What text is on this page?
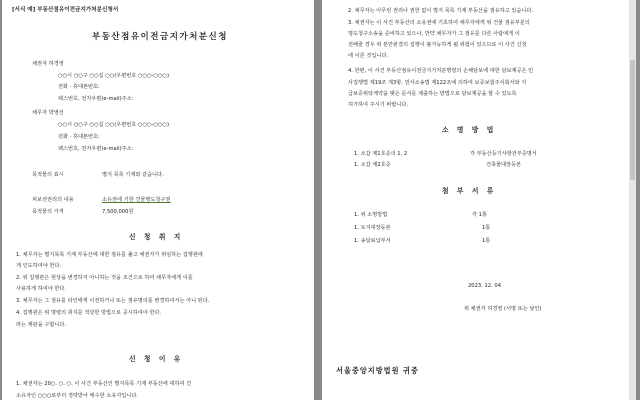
[서식 예] 부동산점유이전금지가처분신청서
부동산점유이전금지가처분신청
채권자 허경영
○○시 ○○구 ○○길 ○○(우편번호 ○○○-○○○)
전화 · 휴대폰번호:
팩스번호, 전자우편(e-mail)주소:
채무자 박영선
○○시 ○○구 ○○길 ○○(우편번호 ○○○-○○○)
전화 · 휴대폰번호:
팩스번호, 전자우편(e-mail)주소:
목적물의 표시	별지 목록 기재와 같습니다.
피보전권리의 내용	소유권에 기한 건물명도청구권
목적물의 가격	7,500,000원
신 청 취 지
1. 채무자는 별지목록 기재 부동산에 대한 점유를 풀고 채권자가 위임하는 집행관에
게 인도하여야 한다.
2. 위 집행관은 현상을 변경하지 아니하는 것을 조건으로 하여 채무자에게 이를
사용하게 하여야 한다.
3. 채무자는 그 점유를 타인에게 이전하거나 또는 점유명의를 변경하여서는 아니 된다.
4. 집행관은 위 명령의 취지를 적당한 방법으로 공시하여야 한다.
라는 재판을 구합니다.
신 청 이 유
1. 채권자는 20○. ○. ○. 이 사건 부동산인 별지목록 기재 부동산에 대하여 건
소유자인 ○○○로부터 경락받아 매수한 소유자입니다.
2. 채무자는 아무런 권리나 권한 없이 별지 목록 기재 부동산을 점유하고 있습니다.
3. 채권자는 이 사건 부동산의 소유권에 기초하여 채무자에게 위 건물 점유부분의
명도청구소송을 준비하고 있으나, 만약 채무자가 그 점유를 다른 사람에게 이
전해줄 경우 위 본안판결의 집행이 불가능하게 될 위험이 있으므로 이 사건 신청
에 이른 것입니다.
4. 한편, 이 사건 부동산점유이전금지가처분명령의 손해담보에 대한 담보제공은 민
사집행법 제19조 제3항, 민사소송법 제122조에 의하여 보증보험주식회사와 지
급보증위탁계약을 맺은 문서를 제출하는 방법으로 담보제공을 할 수 있도록
허가하여 주시기 바랍니다.
소 명 방 법
1. 소갑 제1호증의 1, 2	각 부동산등기사항전부증명서
1. 소갑 제2호증	건축물대장등본
첨 부 서 류
1. 위 소명방법	각 1통
1. 토지대장등본	1통
1. 송달료납부서	1통
2023. 12. 04
위 채권자 허경영 (서명 또는 날인)
서울중앙지방법원 귀중
